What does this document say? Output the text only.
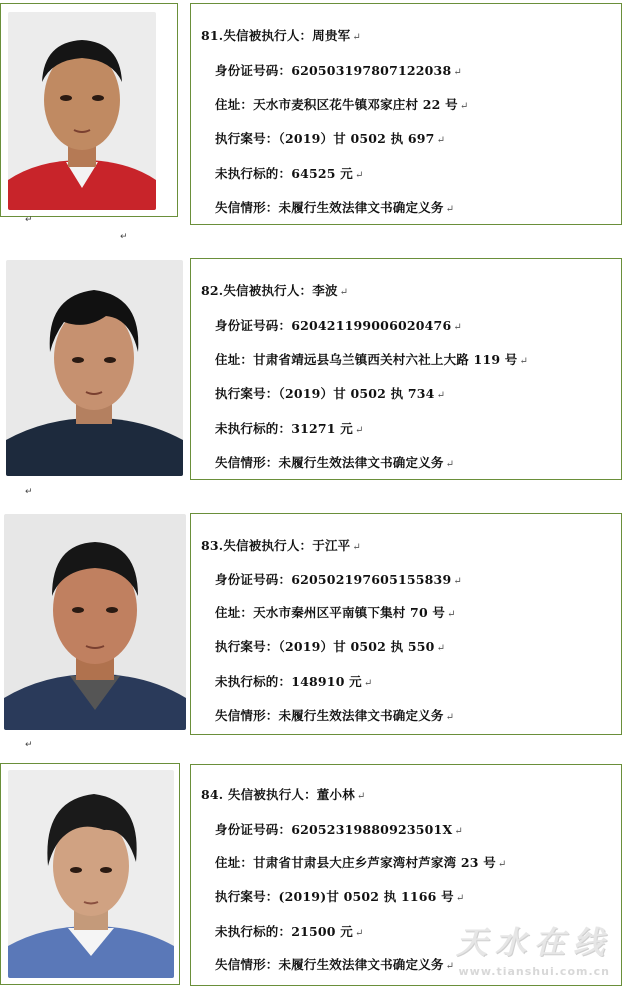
81.失信被执行人：周贵军 ↵
身份证号码：620503197807122038 ↵
住址：天水市麦积区花牛镇邓家庄村 22 号 ↵
执行案号：（2019）甘 0502 执 697 ↵
未执行标的：64525 元 ↵
失信情形：未履行生效法律文书确定义务 ↵
↵
↵
82.失信被执行人：李波 ↵
身份证号码：620421199006020476 ↵
住址：甘肃省靖远县乌兰镇西关村六社上大路 119 号 ↵
执行案号：（2019）甘 0502 执 734 ↵
未执行标的：31271 元 ↵
失信情形：未履行生效法律文书确定义务 ↵
↵
83.失信被执行人：于江平 ↵
身份证号码：620502197605155839 ↵
住址：天水市秦州区平南镇下集村 70 号 ↵
执行案号：（2019）甘 0502 执 550 ↵
未执行标的：148910 元 ↵
失信情形：未履行生效法律文书确定义务 ↵
↵
84. 失信被执行人：董小林 ↵
身份证号码：62052319880923501X ↵
住址：甘肃省甘肃县大庄乡芦家湾村芦家湾 23 号 ↵
执行案号：(2019)甘 0502 执 1166 号 ↵
未执行标的：21500 元 ↵
失信情形：未履行生效法律文书确定义务 ↵
天水在线
www.tianshui.com.cn
